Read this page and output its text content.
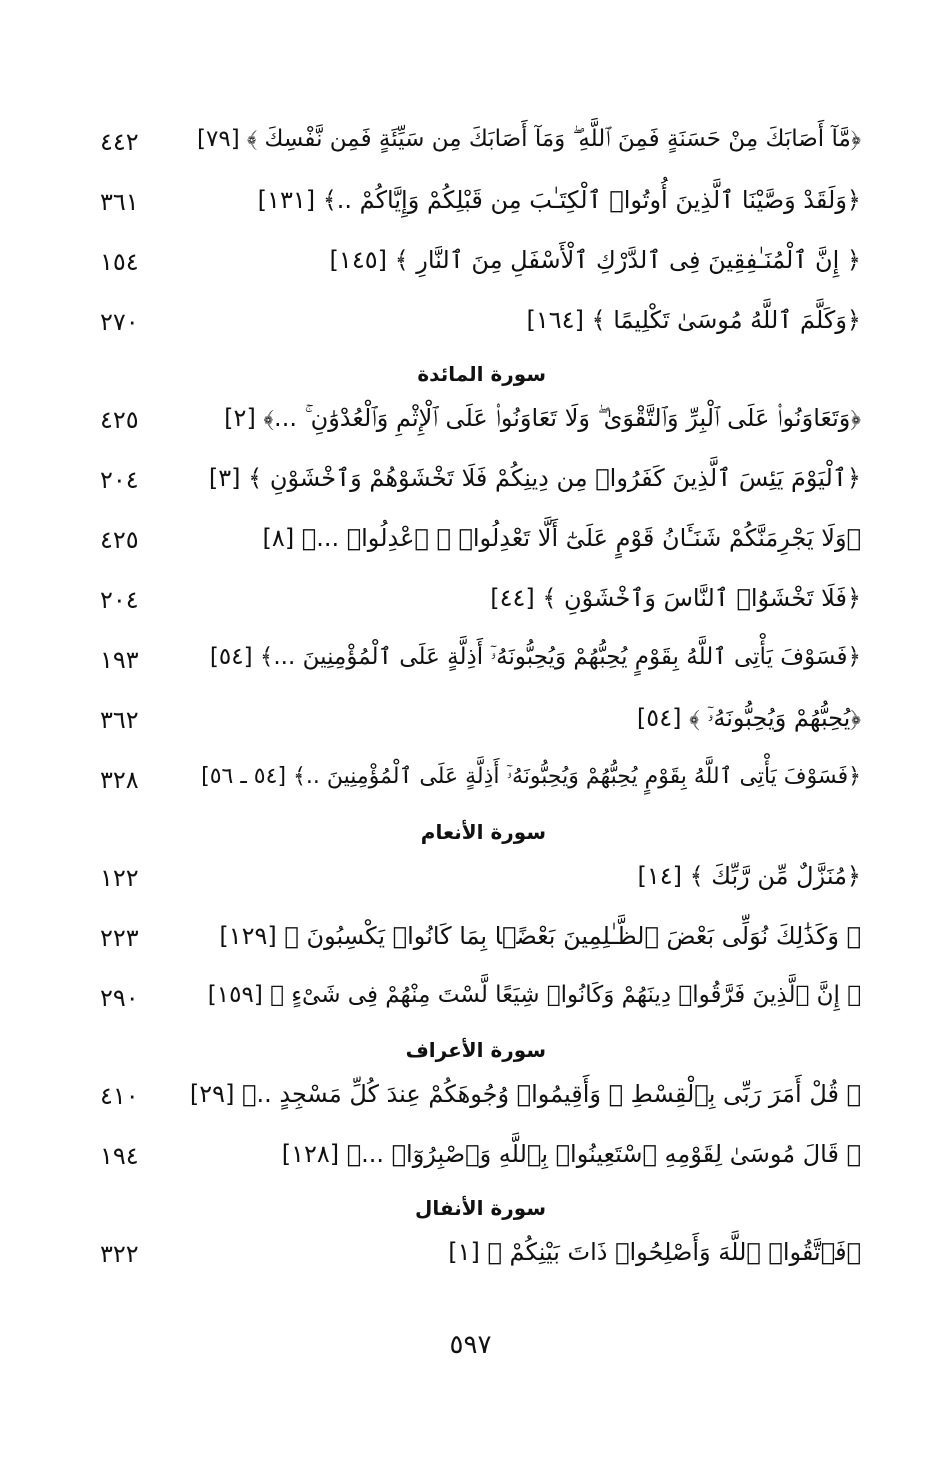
﴿مَّآ أَصَابَكَ مِنْ حَسَنَةٍ فَمِنَ ٱللَّهِ ۖ وَمَآ أَصَابَكَ مِن سَيِّئَةٍ فَمِن نَّفْسِكَ ﴾ [٧٩]
٤٤٢
﴿وَلَقَدْ وَصَّيْنَا ٱلَّذِينَ أُوتُوا۟ ٱلْكِتَـٰبَ مِن قَبْلِكُمْ وَإِيَّاكُمْ ..﴾ [١٣١]
٣٦١
﴿ إِنَّ ٱلْمُنَـٰفِقِينَ فِى ٱلدَّرْكِ ٱلْأَسْفَلِ مِنَ ٱلنَّارِ ﴾ [١٤٥]
١٥٤
﴿وَكَلَّمَ ٱللَّهُ مُوسَىٰ تَكْلِيمًا ﴾ [١٦٤]
٢٧٠
سورة المائدة
﴿وَتَعَاوَنُوا۟ عَلَى ٱلْبِرِّ وَٱلتَّقْوَىٰ ۖ وَلَا تَعَاوَنُوا۟ عَلَى ٱلْإِثْمِ وَٱلْعُدْوَٰنِ ۚ ...﴾ [٢]
٤٢٥
﴿ٱلْيَوْمَ يَئِسَ ٱلَّذِينَ كَفَرُوا۟ مِن دِينِكُمْ فَلَا تَخْشَوْهُمْ وَٱخْشَوْنِ ﴾ [٣]
٢٠٤
﴿وَلَا يَجْرِمَنَّكُمْ شَنَـَٔانُ قَوْمٍ عَلَىٰٓ أَلَّا تَعْدِلُوا۟ ۚ ٱعْدِلُوا۟ ...﴾ [٨]
٤٢٥
﴿فَلَا تَخْشَوُا۟ ٱلنَّاسَ وَٱخْشَوْنِ ﴾ [٤٤]
٢٠٤
﴿فَسَوْفَ يَأْتِى ٱللَّهُ بِقَوْمٍ يُحِبُّهُمْ وَيُحِبُّونَهُۥٓ أَذِلَّةٍ عَلَى ٱلْمُؤْمِنِينَ ...﴾ [٥٤]
١٩٣
﴿يُحِبُّهُمْ وَيُحِبُّونَهُۥٓ ﴾ [٥٤]
٣٦٢
﴿فَسَوْفَ يَأْتِى ٱللَّهُ بِقَوْمٍ يُحِبُّهُمْ وَيُحِبُّونَهُۥٓ أَذِلَّةٍ عَلَى ٱلْمُؤْمِنِينَ ..﴾ [٥٤ ـ ٥٦]
٣٢٨
سورة الأنعام
﴿مُنَزَّلٌ مِّن رَّبِّكَ ﴾ [١٤]
١٢٢
﴿ وَكَذَٰلِكَ نُوَلِّى بَعْضَ ٱلظَّـٰلِمِينَ بَعْضًۢا بِمَا كَانُوا۟ يَكْسِبُونَ ﴾ [١٢٩]
٢٢٣
﴿ إِنَّ ٱلَّذِينَ فَرَّقُوا۟ دِينَهُمْ وَكَانُوا۟ شِيَعًا لَّسْتَ مِنْهُمْ فِى شَىْءٍ ﴾ [١٥٩]
٢٩٠
سورة الأعراف
﴿ قُلْ أَمَرَ رَبِّى بِٱلْقِسْطِ ۖ وَأَقِيمُوا۟ وُجُوهَكُمْ عِندَ كُلِّ مَسْجِدٍ ..﴾ [٢٩]
٤١٠
﴿ قَالَ مُوسَىٰ لِقَوْمِهِ ٱسْتَعِينُوا۟ بِٱللَّهِ وَٱصْبِرُوٓا۟ ...﴾ [١٢٨]
١٩٤
سورة الأنفال
﴿فَٱتَّقُوا۟ ٱللَّهَ وَأَصْلِحُوا۟ ذَاتَ بَيْنِكُمْ ﴾ [١]
٣٢٢
٥٩٧
